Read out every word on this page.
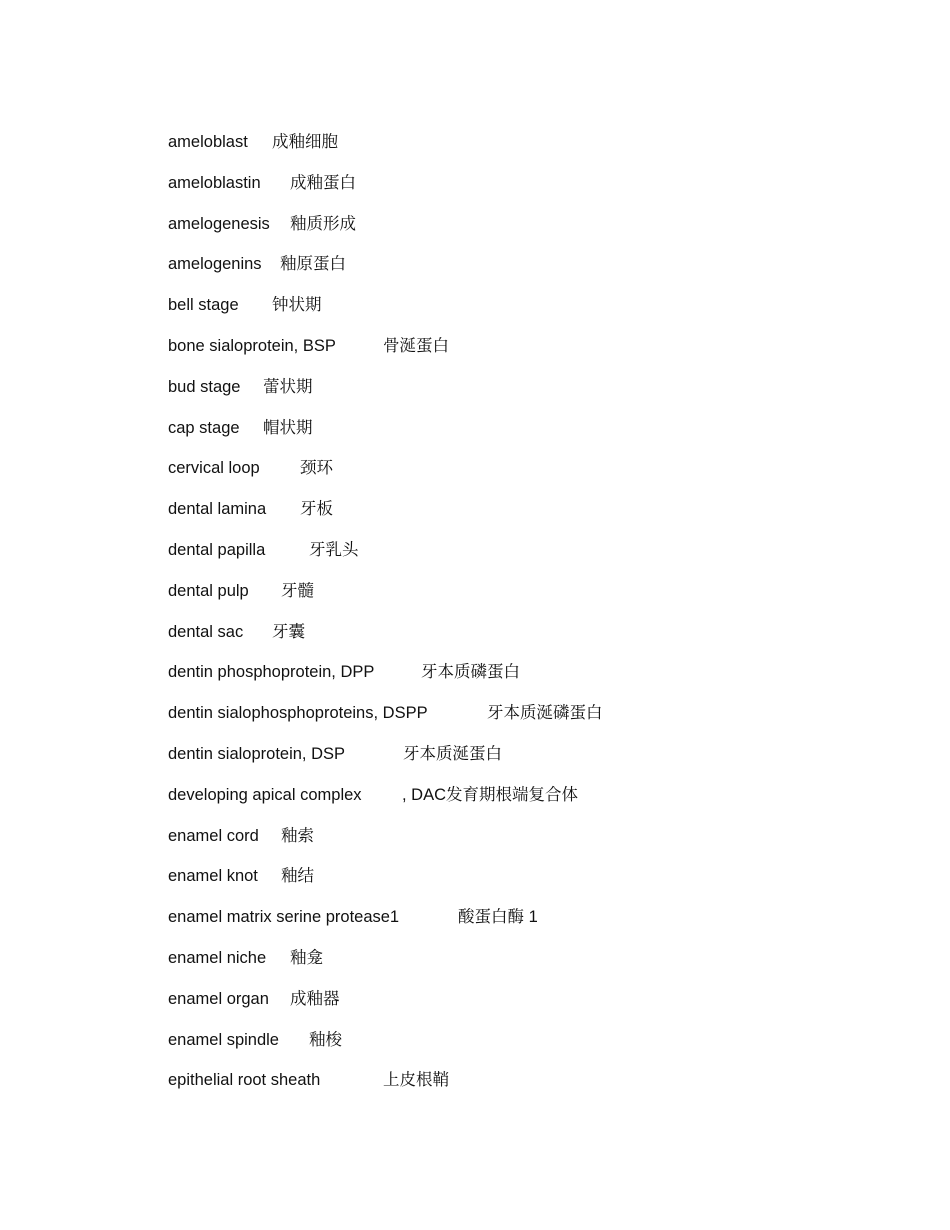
ameloblast 成釉细胞
ameloblastin 成釉蛋白
amelogenesis 釉质形成
amelogenins 釉原蛋白
bell stage 钟状期
bone sialoprotein, BSP	骨涎蛋白
bud stage 蕾状期
cap stage 帽状期
cervical loop 颈环
dental lamina 牙板
dental papilla	牙乳头
dental pulp 牙髓
dental sac 牙囊
dentin phosphoprotein, DPP	牙本质磷蛋白
dentin sialophosphoproteins, DSPP	牙本质涎磷蛋白
dentin sialoprotein, DSP	牙本质涎蛋白
developing apical complex , DAC发育期根端复合体
enamel cord 釉索
enamel knot 釉结
enamel matrix serine protease1	酸蛋白酶 1
enamel niche 釉龛
enamel organ 成釉器
enamel spindle 釉梭
epithelial root sheath	上皮根鞘
